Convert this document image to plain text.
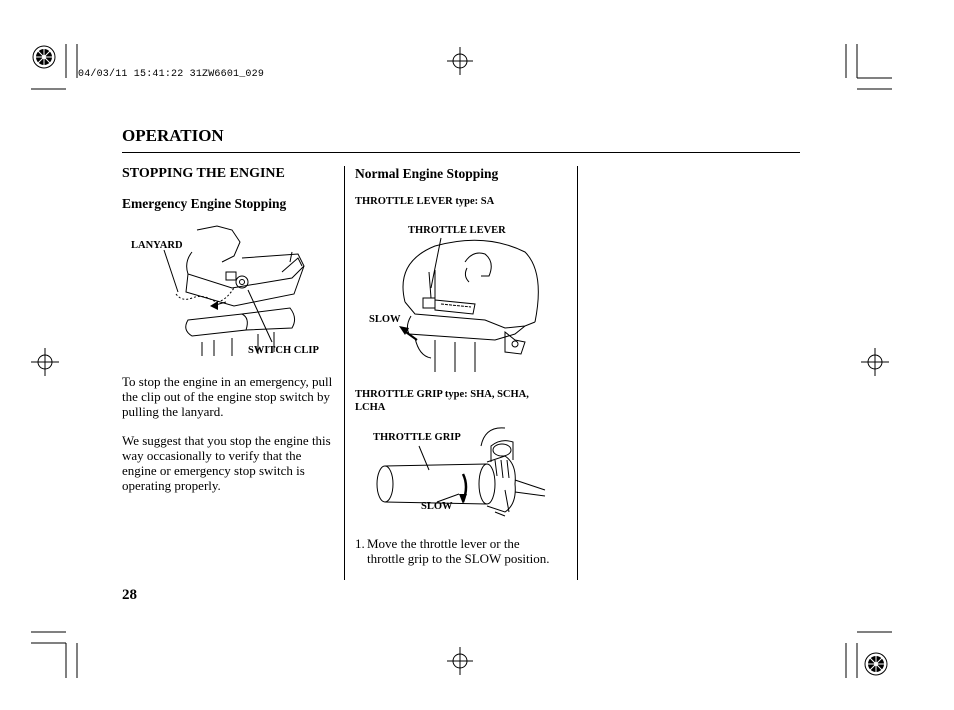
04/03/11 15:41:22 31ZW6601_029
OPERATION
STOPPING THE ENGINE
Emergency Engine Stopping
LANYARD
SWITCH CLIP
To stop the engine in an emergency, pull the clip out of the engine stop switch by pulling the lanyard.
We suggest that you stop the engine this way occasionally to verify that the engine or emergency stop switch is operating properly.
Normal Engine Stopping
THROTTLE LEVER type: SA
THROTTLE LEVER
SLOW
THROTTLE GRIP type: SHA, SCHA, LCHA
THROTTLE GRIP
SLOW
1. Move the throttle lever or the
throttle grip to the SLOW position.
28
